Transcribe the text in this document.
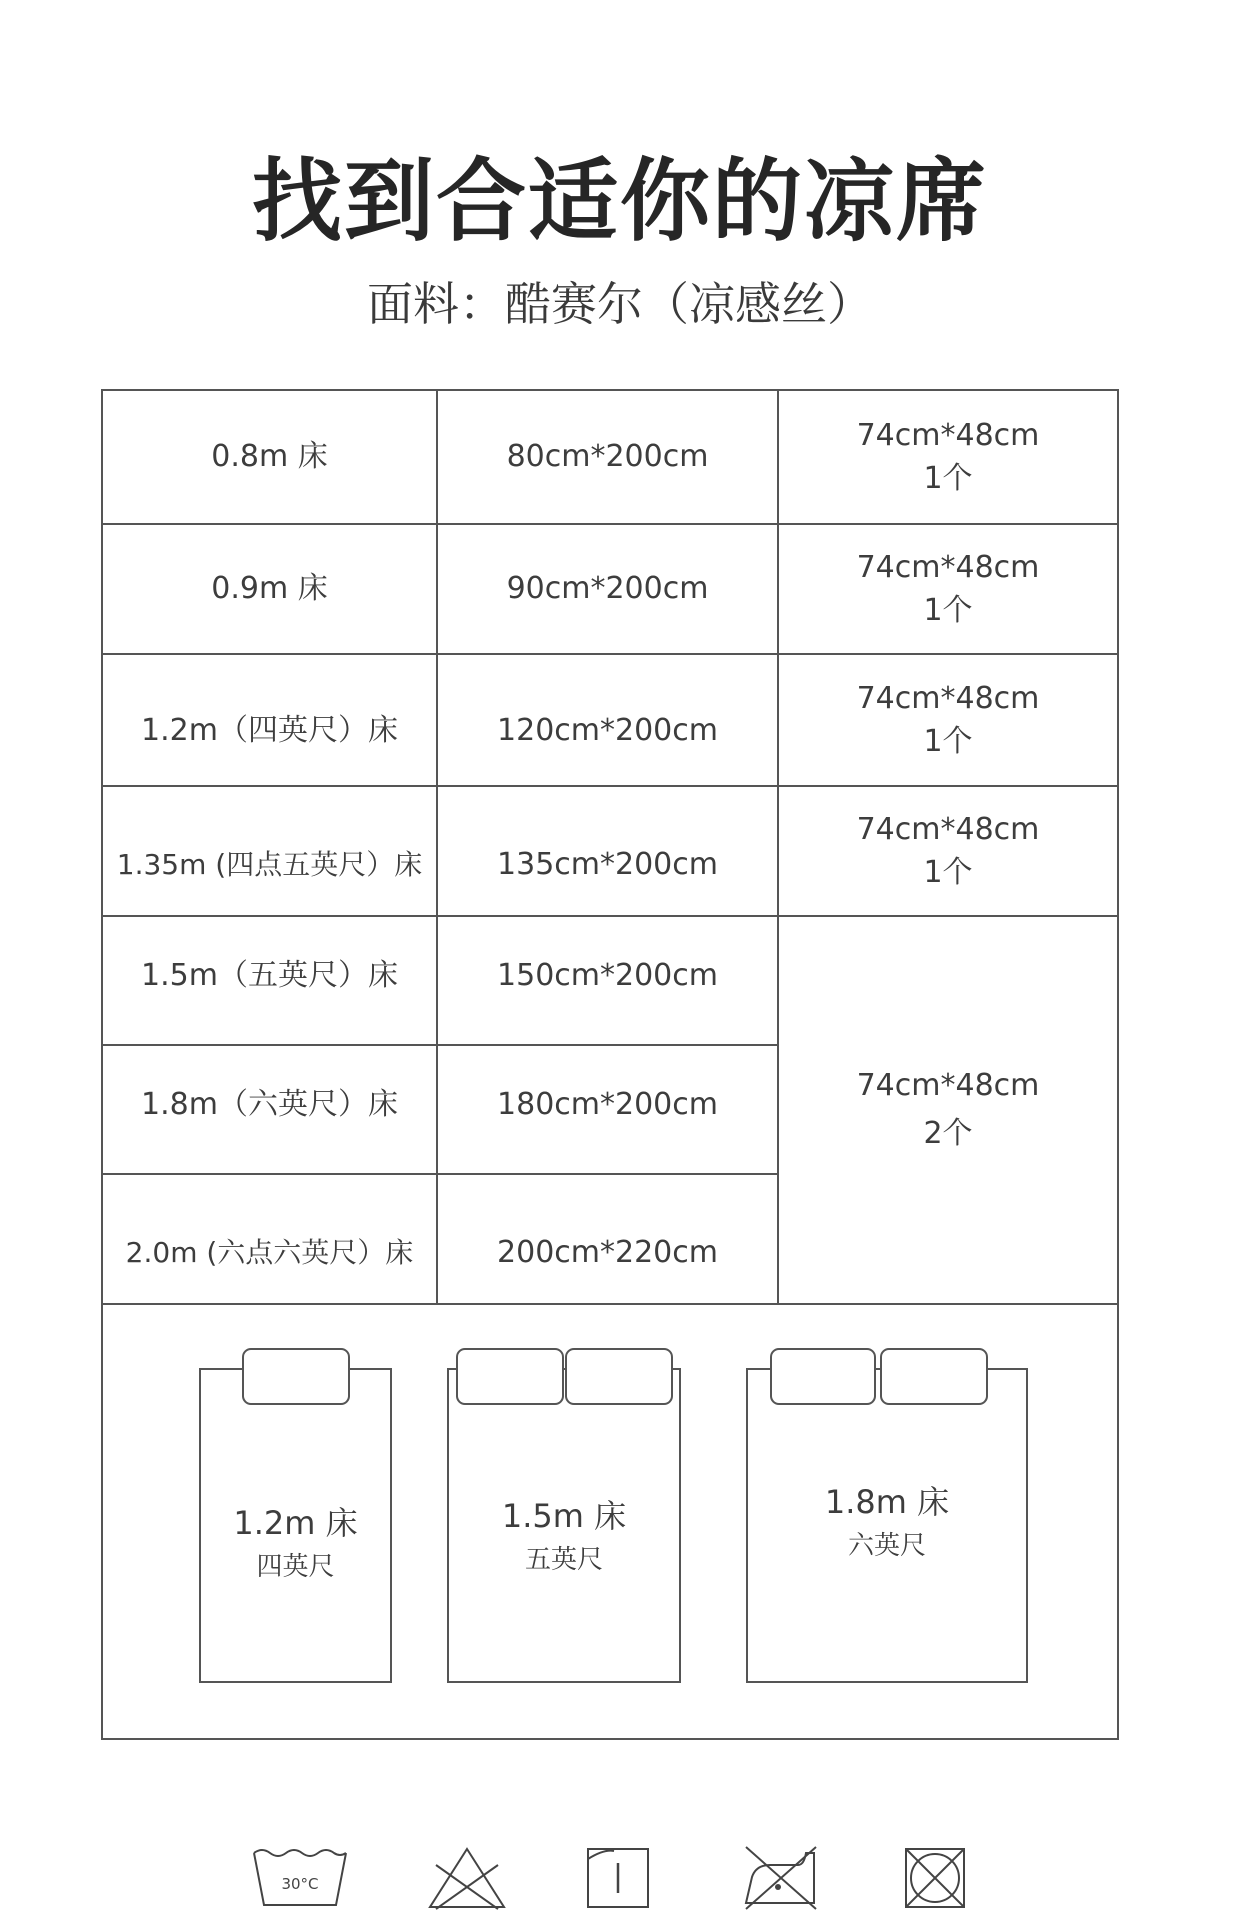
找到合适你的凉席
面料：酷赛尔（凉感丝）
0.8m 床
0.9m 床
1.2m（四英尺）床
1.35m (四点五英尺）床
1.5m（五英尺）床
1.8m（六英尺）床
2.0m (六点六英尺）床
80cm*200cm
90cm*200cm
120cm*200cm
135cm*200cm
150cm*200cm
180cm*200cm
200cm*220cm
74cm*48cm
1个
74cm*48cm
1个
74cm*48cm
1个
74cm*48cm
1个
74cm*48cm
2个
1.2m 床
四英尺
1.5m 床
五英尺
1.8m 床
六英尺
30°C
